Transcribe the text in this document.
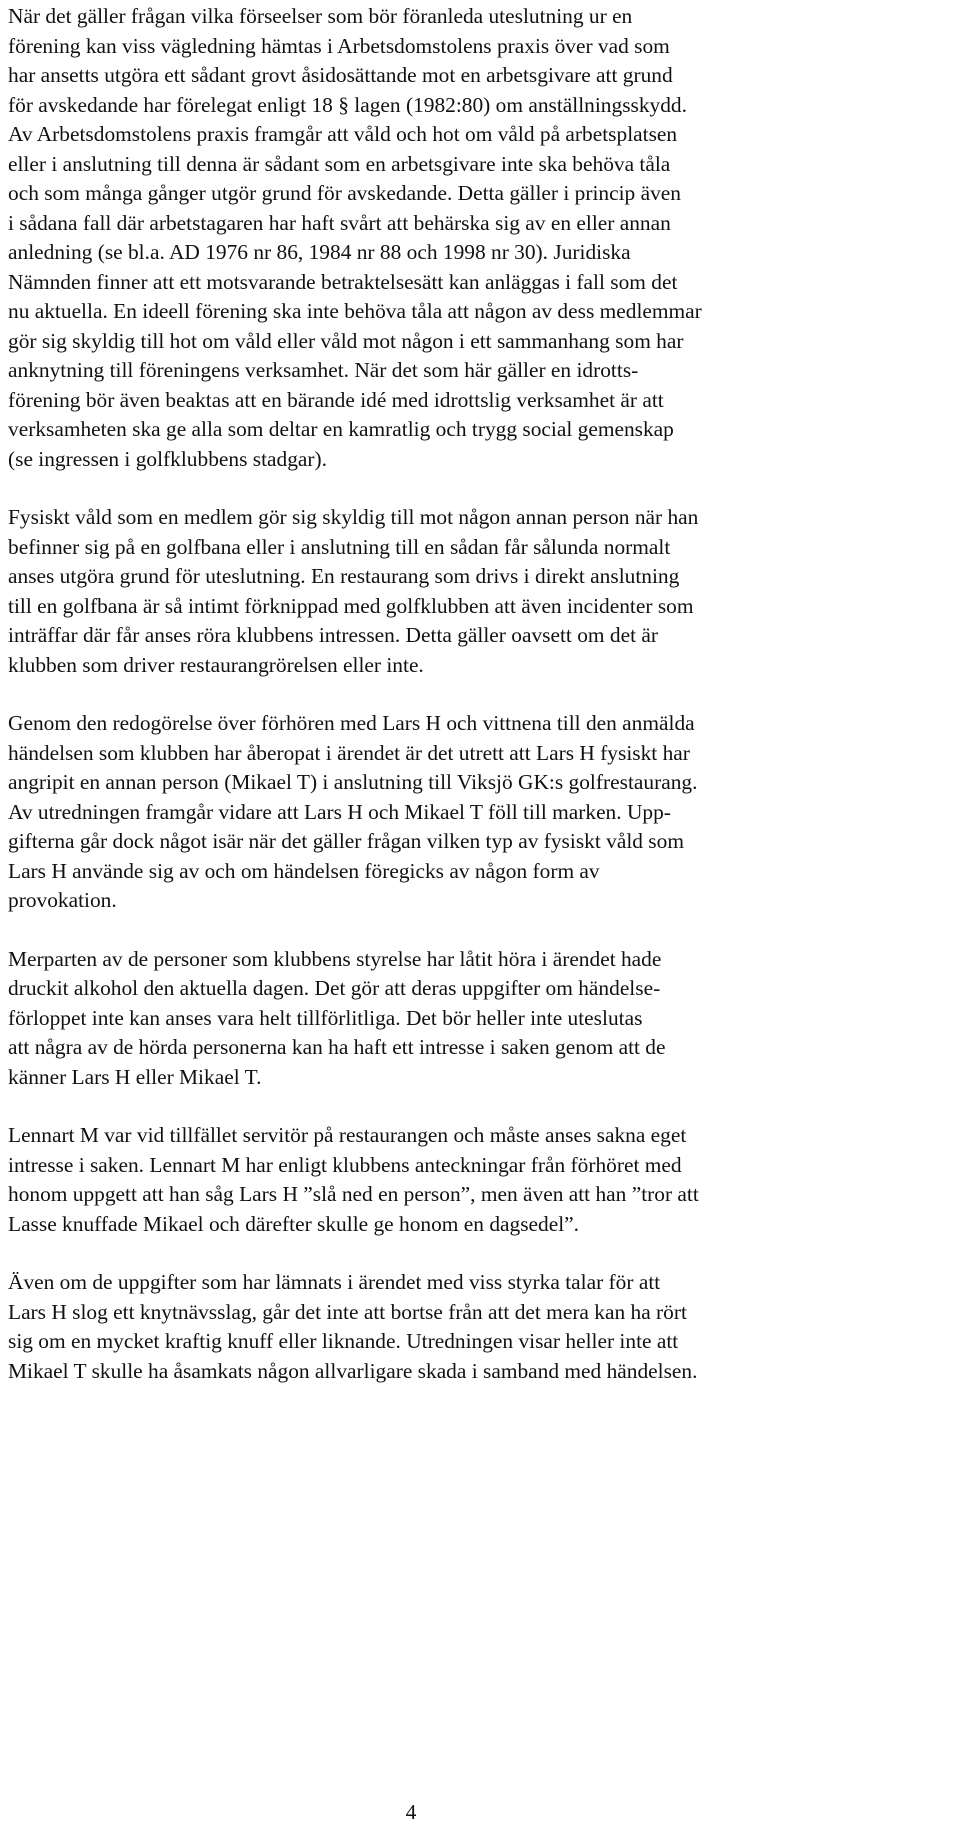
När det gäller frågan vilka förseelser som bör föranleda uteslutning ur en
förening kan viss vägledning hämtas i Arbetsdomstolens praxis över vad som
har ansetts utgöra ett sådant grovt åsidosättande mot en arbetsgivare att grund
för avskedande har förelegat enligt 18 § lagen (1982:80) om anställningsskydd.
Av Arbetsdomstolens praxis framgår att våld och hot om våld på arbetsplatsen
eller i anslutning till denna är sådant som en arbetsgivare inte ska behöva tåla
och som många gånger utgör grund för avskedande. Detta gäller i princip även
i sådana fall där arbetstagaren har haft svårt att behärska sig av en eller annan
anledning (se bl.a. AD 1976 nr 86, 1984 nr 88 och 1998 nr 30). Juridiska
Nämnden finner att ett motsvarande betraktelsesätt kan anläggas i fall som det
nu aktuella. En ideell förening ska inte behöva tåla att någon av dess medlemmar
gör sig skyldig till hot om våld eller våld mot någon i ett sammanhang som har
anknytning till föreningens verksamhet. När det som här gäller en idrotts-
förening bör även beaktas att en bärande idé med idrottslig verksamhet är att
verksamheten ska ge alla som deltar en kamratlig och trygg social gemenskap
(se ingressen i golfklubbens stadgar).

Fysiskt våld som en medlem gör sig skyldig till mot någon annan person när han
befinner sig på en golfbana eller i anslutning till en sådan får sålunda normalt
anses utgöra grund för uteslutning. En restaurang som drivs i direkt anslutning
till en golfbana är så intimt förknippad med golfklubben att även incidenter som
inträffar där får anses röra klubbens intressen. Detta gäller oavsett om det är
klubben som driver restaurangrörelsen eller inte.

Genom den redogörelse över förhören med Lars H och vittnena till den anmälda
händelsen som klubben har åberopat i ärendet är det utrett att Lars H fysiskt har
angripit en annan person (Mikael T) i anslutning till Viksjö GK:s golfrestaurang.
Av utredningen framgår vidare att Lars H och Mikael T föll till marken. Upp-
gifterna går dock något isär när det gäller frågan vilken typ av fysiskt våld som
Lars H använde sig av och om händelsen föregicks av någon form av
provokation.

Merparten av de personer som klubbens styrelse har låtit höra i ärendet hade
druckit alkohol den aktuella dagen. Det gör att deras uppgifter om händelse-
förloppet inte kan anses vara helt tillförlitliga. Det bör heller inte uteslutas
att några av de hörda personerna kan ha haft ett intresse i saken genom att de
känner Lars H eller Mikael T.

Lennart M var vid tillfället servitör på restaurangen och måste anses sakna eget
intresse i saken. Lennart M har enligt klubbens anteckningar från förhöret med
honom uppgett att han såg Lars H ”slå ned en person”, men även att han ”tror att
Lasse knuffade Mikael och därefter skulle ge honom en dagsedel”.

Även om de uppgifter som har lämnats i ärendet med viss styrka talar för att
Lars H slog ett knytnävsslag, går det inte att bortse från att det mera kan ha rört
sig om en mycket kraftig knuff eller liknande. Utredningen visar heller inte att
Mikael T skulle ha åsamkats någon allvarligare skada i samband med händelsen.

4
